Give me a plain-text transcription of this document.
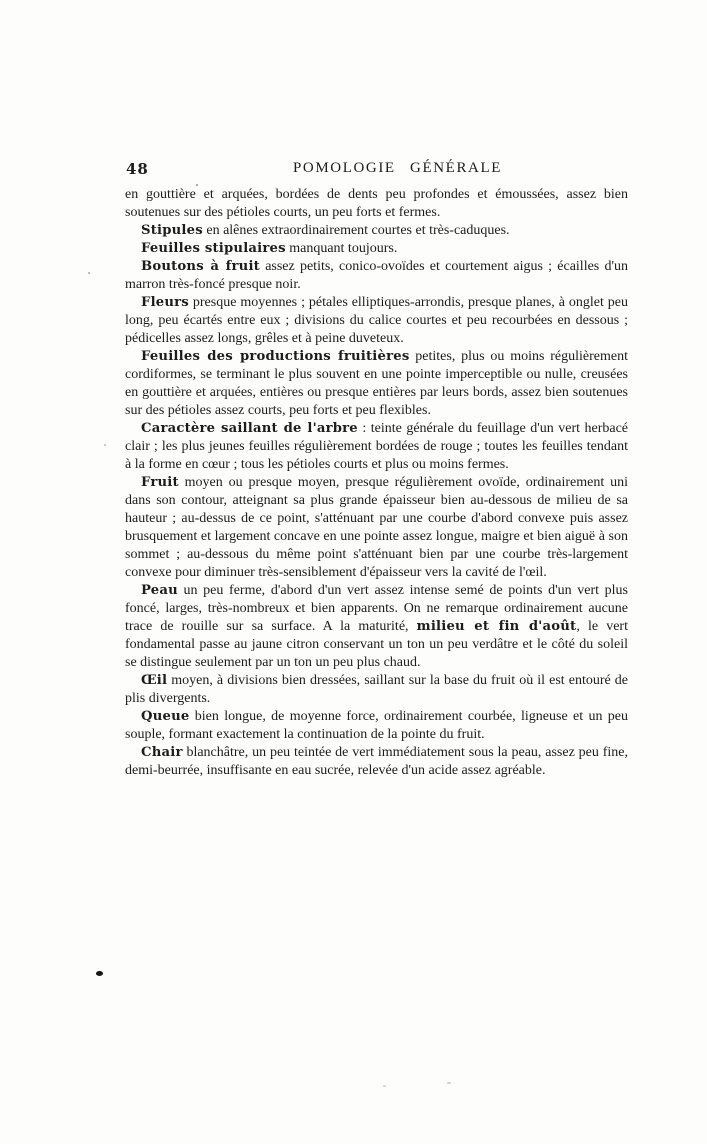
48	POMOLOGIE GÉNÉRALE

en gouttière et arquées, bordées de dents peu profondes et émoussées, assez bien soutenues sur des pétioles courts, un peu forts et fermes.

Stipules en alênes extraordinairement courtes et très-caduques.

Feuilles stipulaires manquant toujours.

Boutons à fruit assez petits, conico-ovoïdes et courtement aigus ; écailles d'un marron très-foncé presque noir.

Fleurs presque moyennes ; pétales elliptiques-arrondis, presque planes, à onglet peu long, peu écartés entre eux ; divisions du calice courtes et peu recourbées en dessous ; pédicelles assez longs, grêles et à peine duveteux.

Feuilles des productions fruitières petites, plus ou moins régulièrement cordiformes, se terminant le plus souvent en une pointe imperceptible ou nulle, creusées en gouttière et arquées, entières ou presque entières par leurs bords, assez bien soutenues sur des pétioles assez courts, peu forts et peu flexibles.

Caractère saillant de l'arbre : teinte générale du feuillage d'un vert herbacé clair ; les plus jeunes feuilles régulièrement bordées de rouge ; toutes les feuilles tendant à la forme en cœur ; tous les pétioles courts et plus ou moins fermes.

Fruit moyen ou presque moyen, presque régulièrement ovoïde, ordinairement uni dans son contour, atteignant sa plus grande épaisseur bien au-dessous de milieu de sa hauteur ; au-dessus de ce point, s'atténuant par une courbe d'abord convexe puis assez brusquement et largement concave en une pointe assez longue, maigre et bien aiguë à son sommet ; au-dessous du même point s'atténuant bien par une courbe très-largement convexe pour diminuer très-sensiblement d'épaisseur vers la cavité de l'œil.

Peau un peu ferme, d'abord d'un vert assez intense semé de points d'un vert plus foncé, larges, très-nombreux et bien apparents. On ne remarque ordinairement aucune trace de rouille sur sa surface. A la maturité, milieu et fin d'août, le vert fondamental passe au jaune citron conservant un ton un peu verdâtre et le côté du soleil se distingue seulement par un ton un peu plus chaud.

Œil moyen, à divisions bien dressées, saillant sur la base du fruit où il est entouré de plis divergents.

Queue bien longue, de moyenne force, ordinairement courbée, ligneuse et un peu souple, formant exactement la continuation de la pointe du fruit.

Chair blanchâtre, un peu teintée de vert immédiatement sous la peau, assez peu fine, demi-beurrée, insuffisante en eau sucrée, relevée d'un acide assez agréable.
